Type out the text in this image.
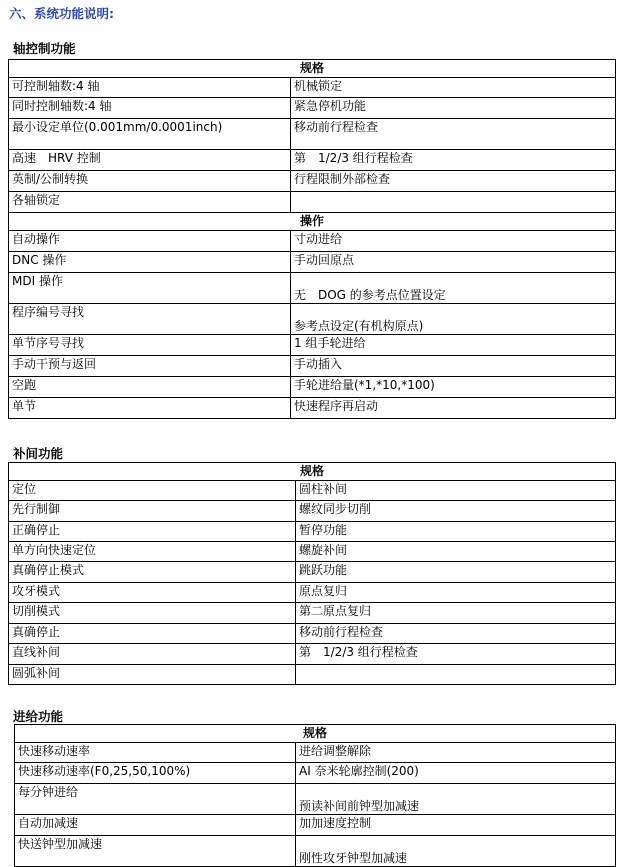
六、系统功能说明:
轴控制功能
规格	
可控制轴数:4 轴	机械锁定
同时控制轴数:4 轴	紧急停机功能
最小设定单位(0.001mm/0.0001inch)	移动前行程检查
高速　HRV 控制	第　1/2/3 组行程检查
英制/公制转换	行程限制外部检查
各轴锁定	
操作	
自动操作	寸动进给
DNC 操作	手动回原点
MDI 操作	无　DOG 的参考点位置设定
程序编号寻找	参考点设定(有机构原点)
单节序号寻找	1 组手轮进给
手动干预与返回	手动插入
空跑	手轮进给量(*1,*10,*100)
单节	快速程序再启动
补间功能
规格	
定位	圆柱补间
先行制御	螺纹同步切削
正确停止	暂停功能
单方向快速定位	螺旋补间
真确停止模式	跳跃功能
攻牙模式	原点复归
切削模式	第二原点复归
真确停止	移动前行程检查
直线补间	第　1/2/3 组行程检查
圆弧补间	
进给功能
规格	
快速移动速率	进给调整解除
快速移动速率(F0,25,50,100%)	AI 奈米轮廓控制(200)
每分钟进给	预读补间前钟型加减速
自动加减速	加加速度控制
快送钟型加减速	刚性攻牙钟型加减速
